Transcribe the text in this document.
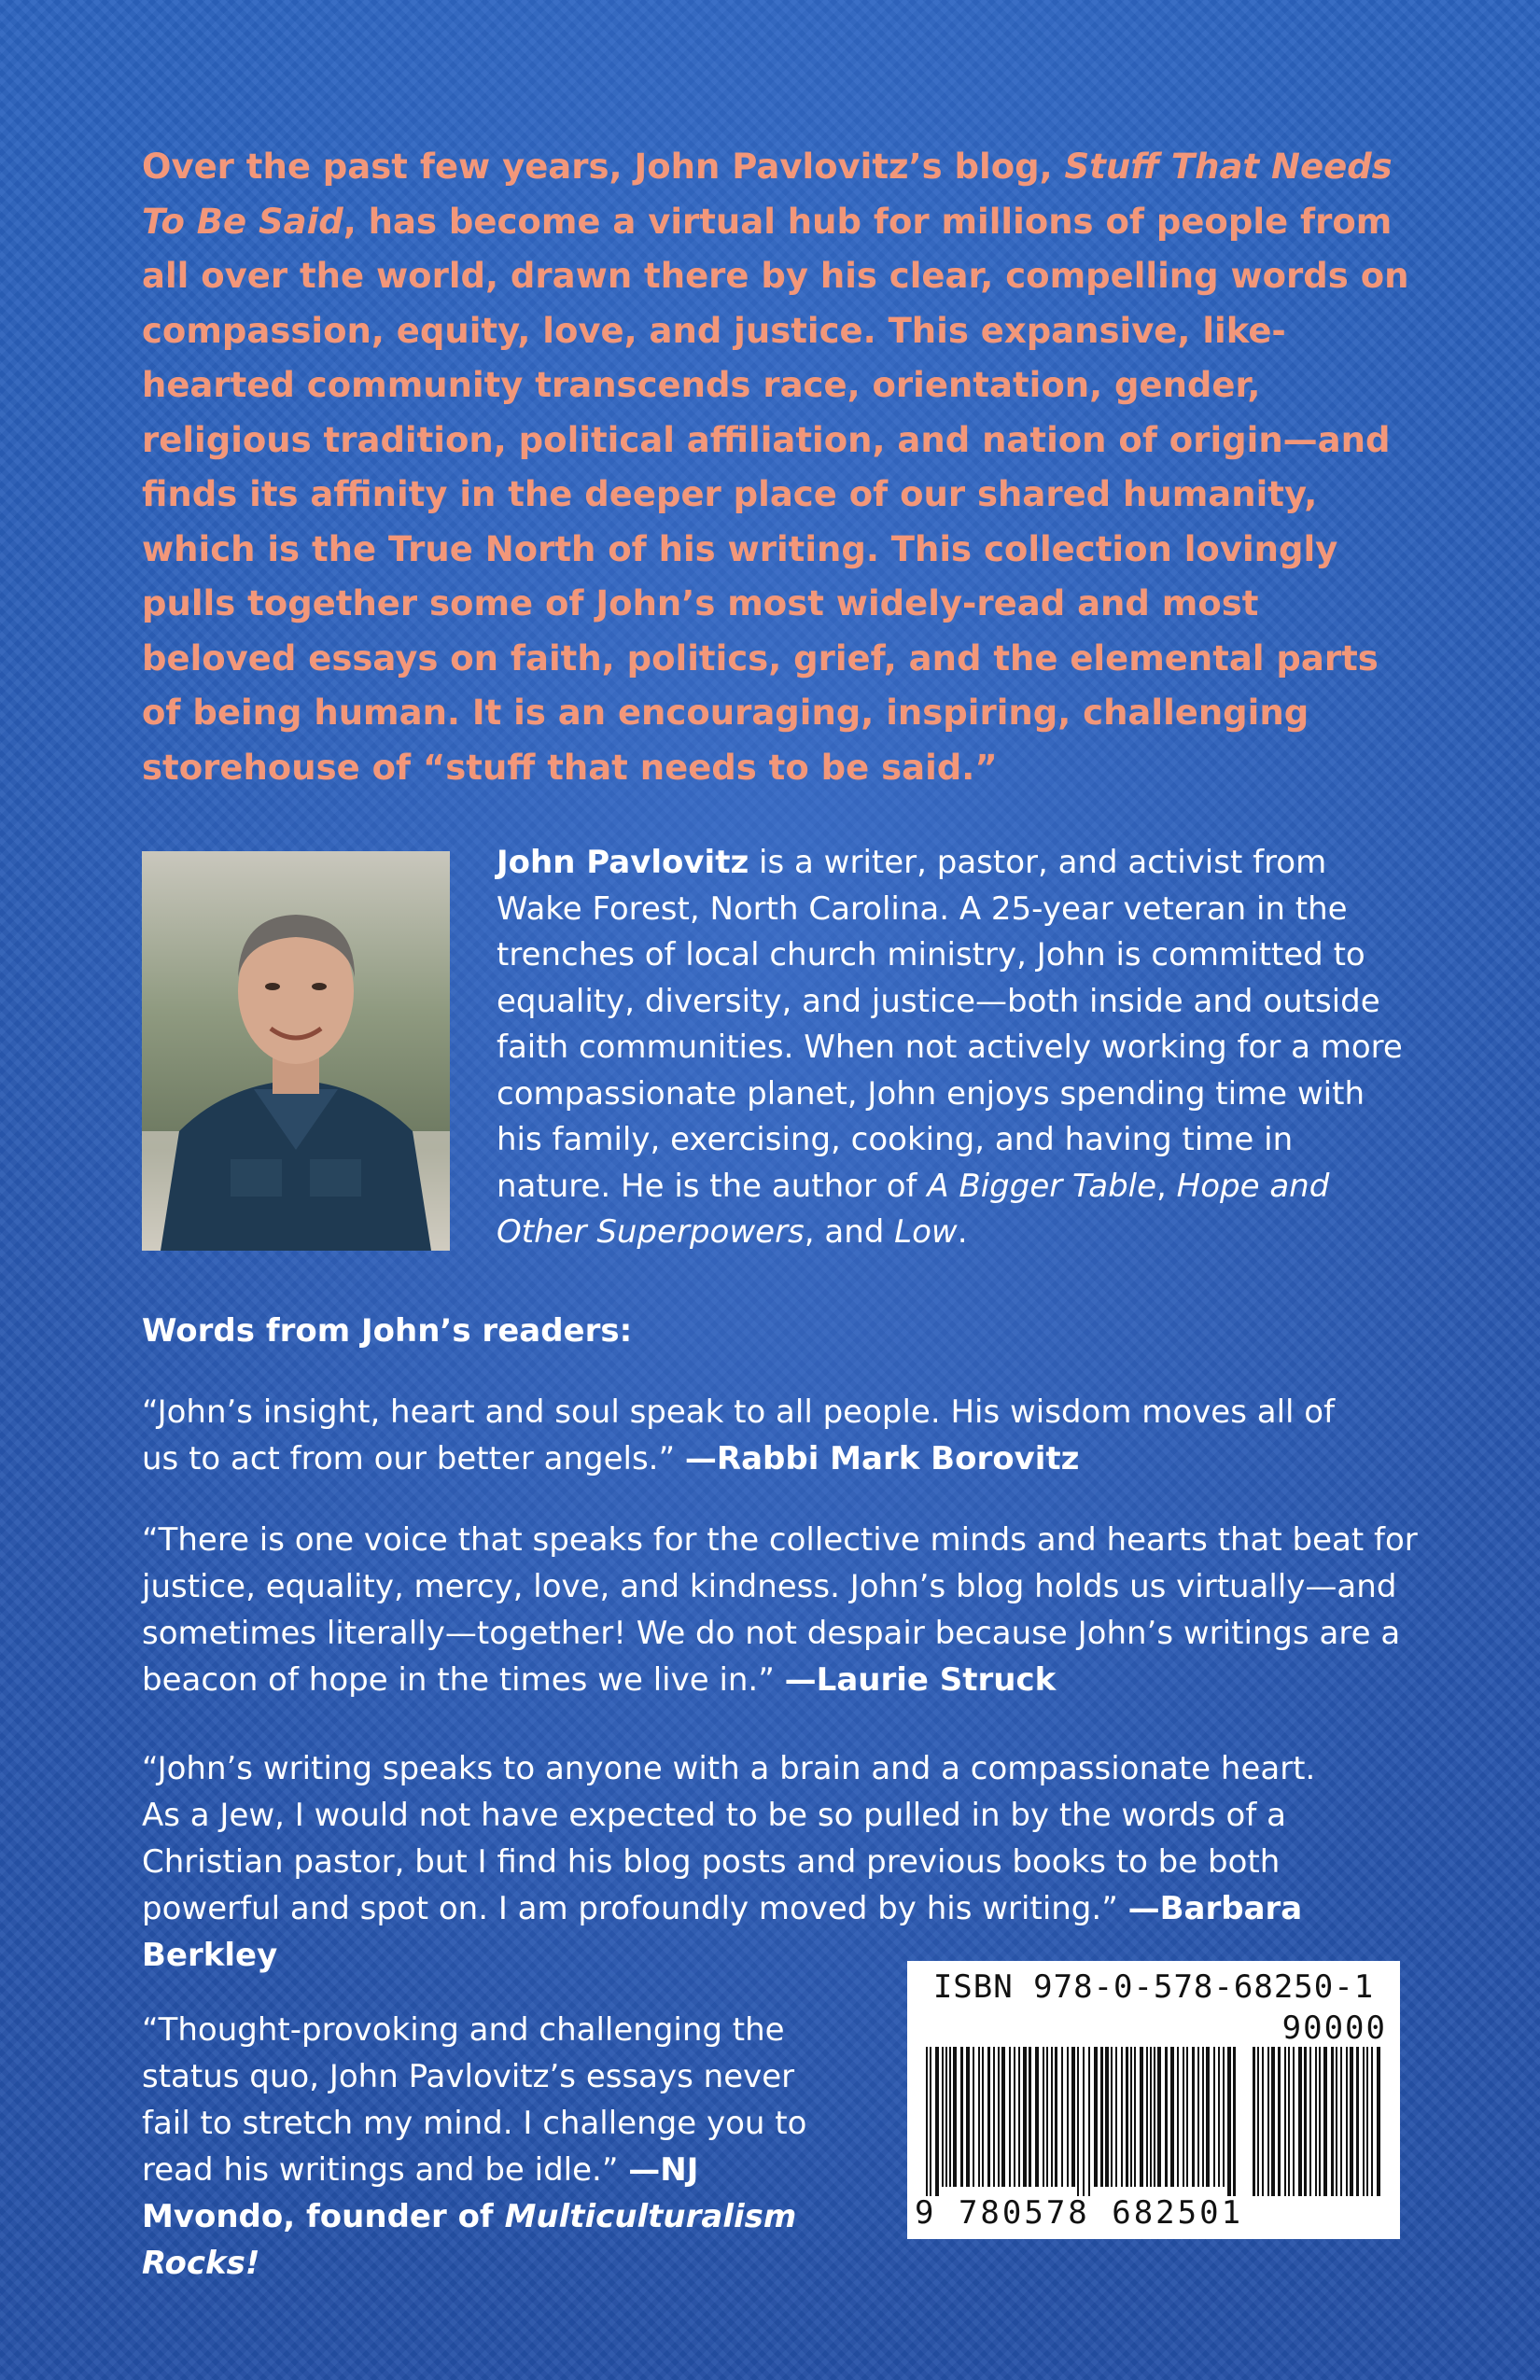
Over the past few years, John Pavlovitz’s blog, Stuff That Needs To Be Said, has become a virtual hub for millions of people from all over the world, drawn there by his clear, compelling words on compassion, equity, love, and justice. This expansive, like-hearted community transcends race, orientation, gender, religious tradition, political affiliation, and nation of origin—and finds its affinity in the deeper place of our shared humanity, which is the True North of his writing. This collection lovingly pulls together some of John’s most widely-read and most beloved essays on faith, politics, grief, and the elemental parts of being human. It is an encouraging, inspiring, challenging storehouse of “stuff that needs to be said.”

John Pavlovitz is a writer, pastor, and activist from Wake Forest, North Carolina. A 25-year veteran in the trenches of local church ministry, John is committed to equality, diversity, and justice—both inside and outside faith communities. When not actively working for a more compassionate planet, John enjoys spending time with his family, exercising, cooking, and having time in nature. He is the author of A Bigger Table, Hope and Other Superpowers, and Low.

Words from John’s readers:

“John’s insight, heart and soul speak to all people. His wisdom moves all of us to act from our better angels.” —Rabbi Mark Borovitz

“There is one voice that speaks for the collective minds and hearts that beat for justice, equality, mercy, love, and kindness. John’s blog holds us virtually—and sometimes literally—together! We do not despair because John’s writings are a beacon of hope in the times we live in.” —Laurie Struck

“John’s writing speaks to anyone with a brain and a compassionate heart. As a Jew, I would not have expected to be so pulled in by the words of a Christian pastor, but I find his blog posts and previous books to be both powerful and spot on. I am profoundly moved by his writing.” —Barbara Berkley

“Thought-provoking and challenging the status quo, John Pavlovitz’s essays never fail to stretch my mind. I challenge you to read his writings and be idle.” —NJ Mvondo, founder of Multiculturalism Rocks!

ISBN 978-0-578-68250-1

90000

9 780578 682501
